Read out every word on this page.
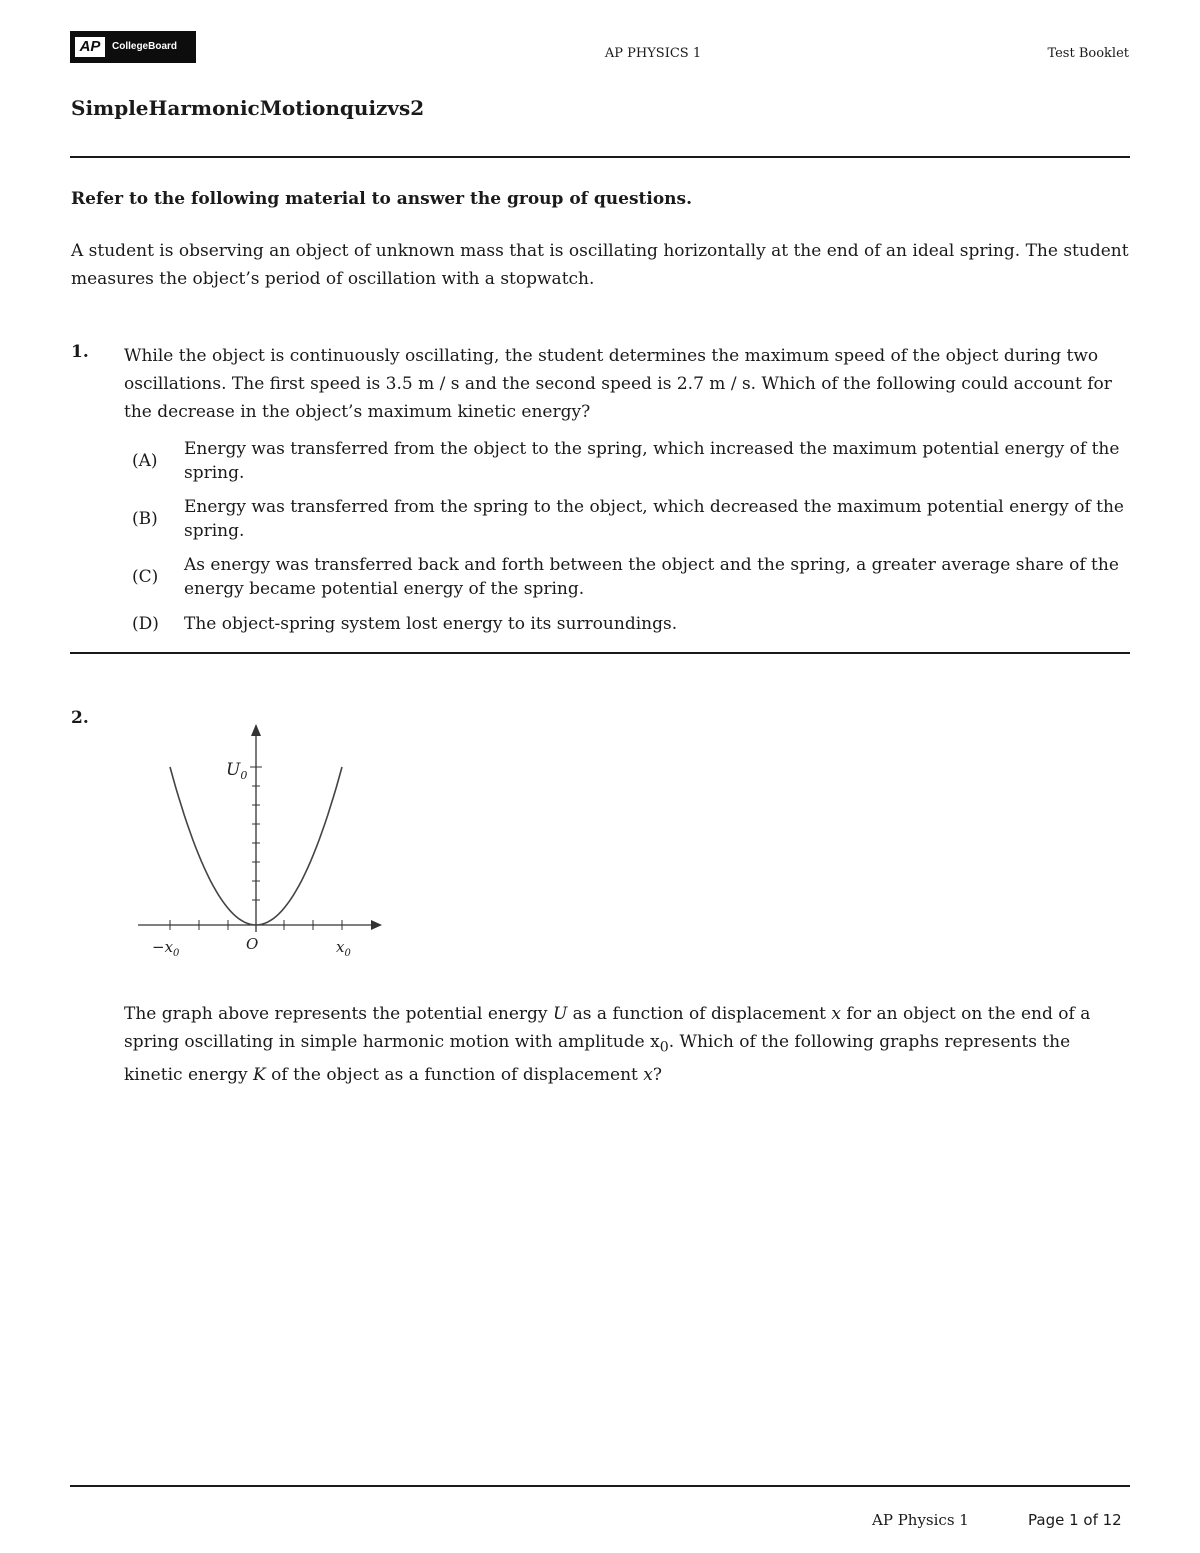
AP	CollegeBoard	AP PHYSICS 1	Test Booklet
SimpleHarmonicMotionquizvs2
Refer to the following material to answer the group of questions.
A student is observing an object of unknown mass that is oscillating horizontally at the end of an ideal spring. The student measures the object’s period of oscillation with a stopwatch.
1. While the object is continuously oscillating, the student determines the maximum speed of the object during two oscillations. The first speed is 3.5 m / s and the second speed is 2.7 m / s. Which of the following could account for the decrease in the object’s maximum kinetic energy?
(A)
Energy was transferred from the object to the spring, which increased the maximum potential energy of the spring.
(B)
Energy was transferred from the spring to the object, which decreased the maximum potential energy of the spring.
(C)
As energy was transferred back and forth between the object and the spring, a greater average share of the energy became potential energy of the spring.
(D)	The object-spring system lost energy to its surroundings.
2.
$U_0$
$-x_0$
O	$x_0$
The graph above represents the potential energy U as a function of displacement x for an object on the end of a spring oscillating in simple harmonic motion with amplitude $x_0$. Which of the following graphs represents the kinetic energy K of the object as a function of displacement x?
AP Physics 1	Page 1 of 12
